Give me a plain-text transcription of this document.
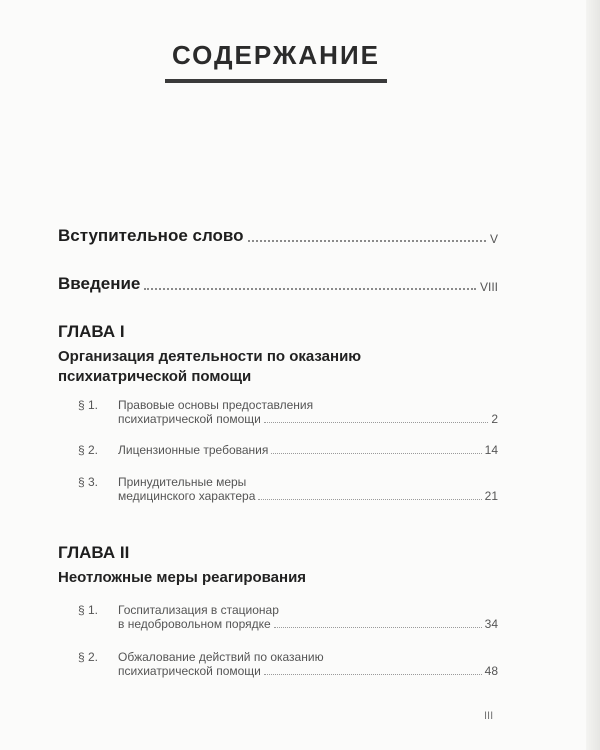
СОДЕРЖАНИЕ
Вступительное слово	V
Введение	VIII
ГЛАВА I
Организация деятельности по оказанию
психиатрической помощи
§ 1. Правовые основы предоставления
психиатрической помощи	2
§ 2. Лицензионные требования	14
§ 3. Принудительные меры
медицинского характера	21
ГЛАВА II
Неотложные меры реагирования
§ 1. Госпитализация в стационар
в недобровольном порядке	34
§ 2. Обжалование действий по оказанию
психиатрической помощи	48
III
